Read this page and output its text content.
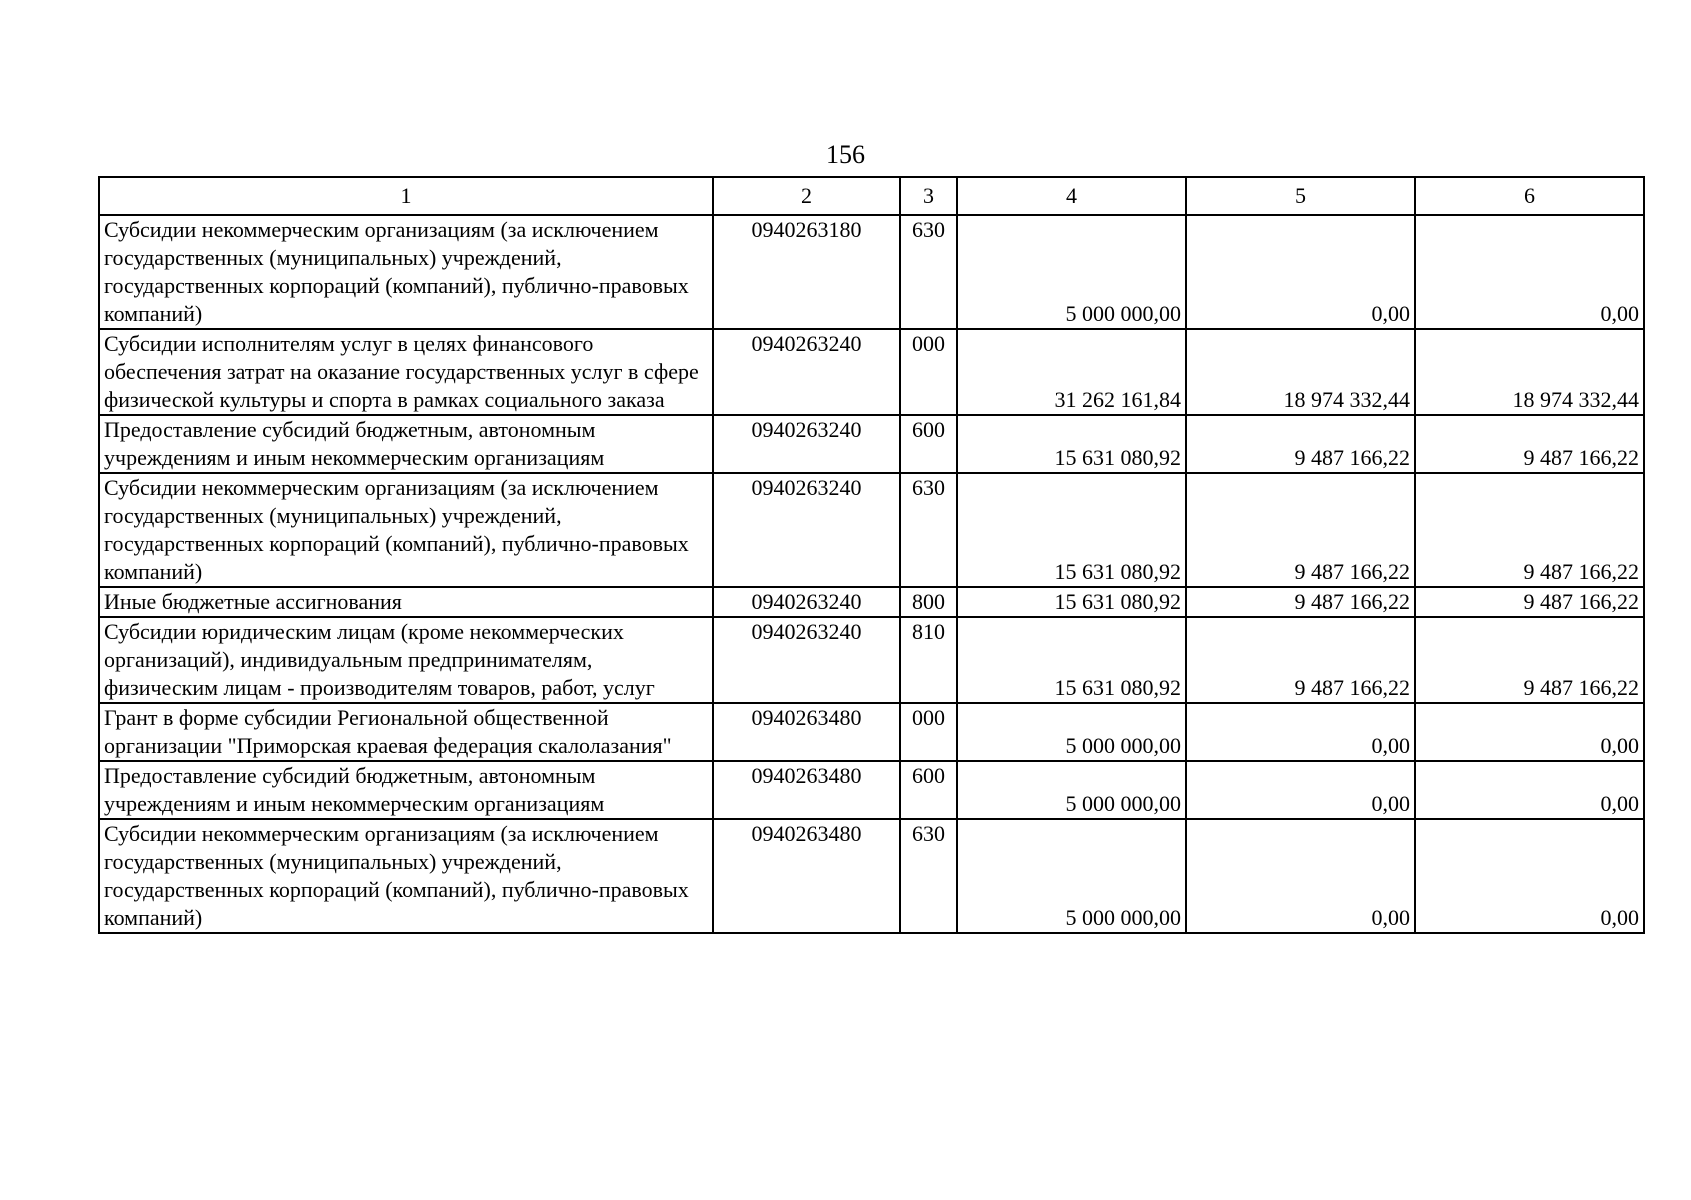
156
1	2	3	4	5	6
Субсидии некоммерческим организациям (за исключением государственных (муниципальных) учреждений, государственных корпораций (компаний), публично-правовых компаний)	0940263180	630	5 000 000,00	0,00	0,00
Субсидии исполнителям услуг в целях финансового обеспечения затрат на оказание государственных услуг в сфере физической культуры и спорта в рамках социального заказа	0940263240	000	31 262 161,84	18 974 332,44	18 974 332,44
Предоставление субсидий бюджетным, автономным учреждениям и иным некоммерческим организациям	0940263240	600	15 631 080,92	9 487 166,22	9 487 166,22
Субсидии некоммерческим организациям (за исключением государственных (муниципальных) учреждений, государственных корпораций (компаний), публично-правовых компаний)	0940263240	630	15 631 080,92	9 487 166,22	9 487 166,22
Иные бюджетные ассигнования	0940263240	800	15 631 080,92	9 487 166,22	9 487 166,22
Субсидии юридическим лицам (кроме некоммерческих организаций), индивидуальным предпринимателям, физическим лицам - производителям товаров, работ, услуг	0940263240	810	15 631 080,92	9 487 166,22	9 487 166,22
Грант в форме субсидии Региональной общественной организации "Приморская краевая федерация скалолазания"	0940263480	000	5 000 000,00	0,00	0,00
Предоставление субсидий бюджетным, автономным учреждениям и иным некоммерческим организациям	0940263480	600	5 000 000,00	0,00	0,00
Субсидии некоммерческим организациям (за исключением государственных (муниципальных) учреждений, государственных корпораций (компаний), публично-правовых компаний)	0940263480	630	5 000 000,00	0,00	0,00
